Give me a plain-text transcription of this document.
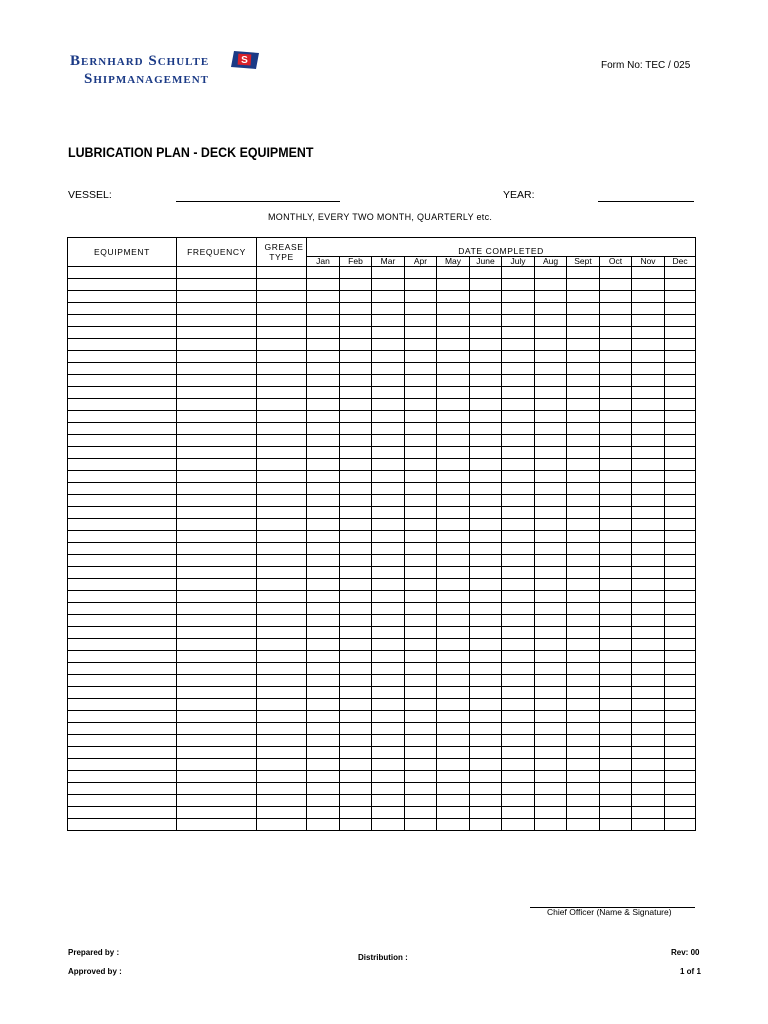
Bernhard Schulte
Shipmanagement
S	Form No: TEC / 025
LUBRICATION PLAN - DECK EQUIPMENT
VESSEL:	YEAR:
MONTHLY, EVERY TWO MONTH, QUARTERLY etc.
EQUIPMENT	FREQUENCY	GREASE TYPE	DATE COMPLETED											
			Jan	Feb	Mar	Apr	May	June	July	Aug	Sept	Oct	Nov	Dec

Chief Officer (Name & Signature)
Prepared by :
Approved by :
Distribution :
Rev: 00
1 of 1
